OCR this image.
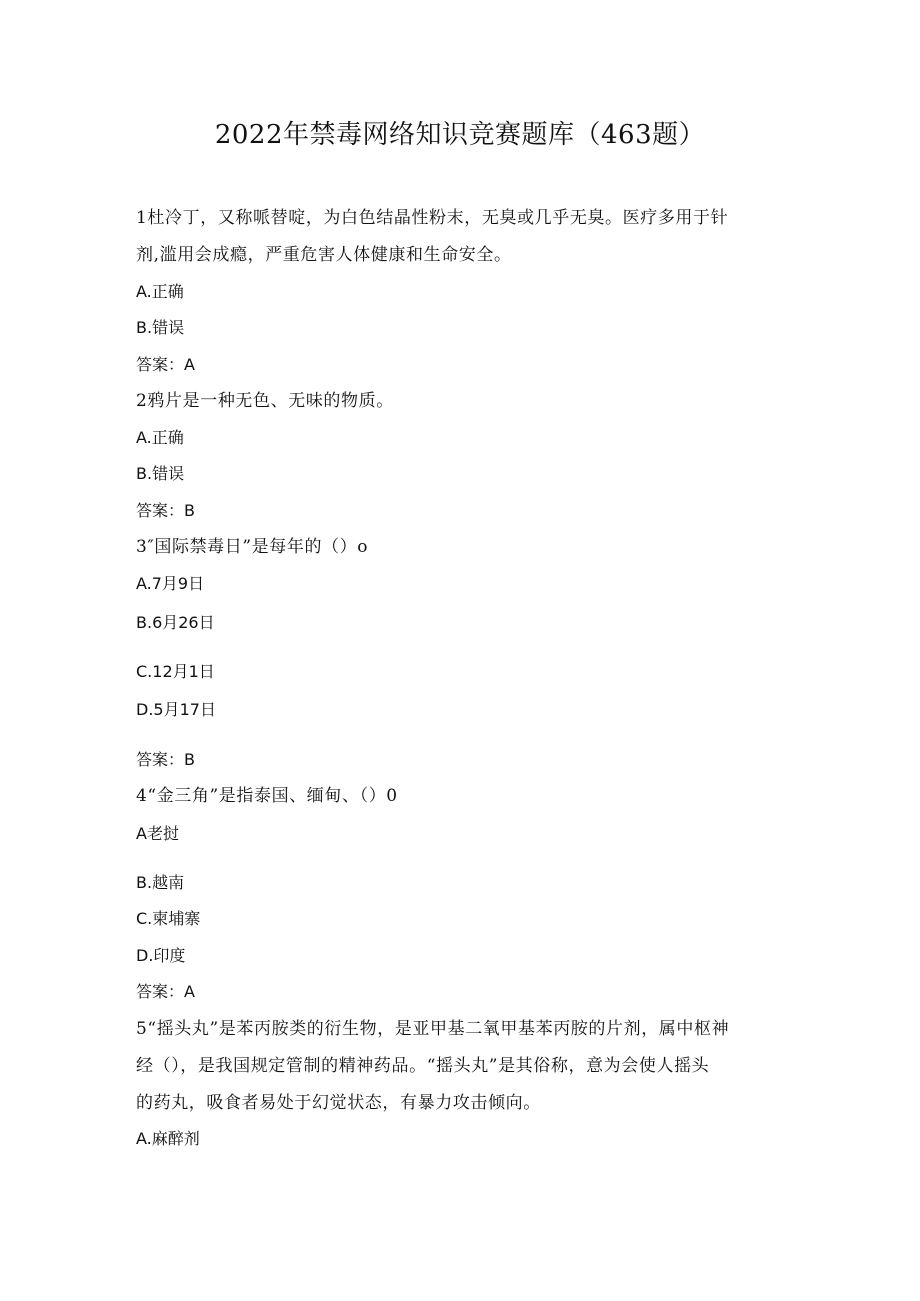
2022年禁毒网络知识竞赛题库（463题）
1杜冷丁，又称哌替啶，为白色结晶性粉末，无臭或几乎无臭。医疗多用于针
剂,滥用会成瘾，严重危害人体健康和生命安全。
A.正确
B.错误
答案：A
2鸦片是一种无色、无味的物质。
A.正确
B.错误
答案：B
3″国际禁毒日”是每年的（）o
A.7月9日
B.6月26日
C.12月1日
D.5月17日
答案：B
4“金三角”是指泰国、缅甸、（）0
A老挝
B.越南
C.柬埔寨
D.印度
答案：A
5“摇头丸”是苯丙胺类的衍生物，是亚甲基二氧甲基苯丙胺的片剂，属中枢神
经（），是我国规定管制的精神药品。“摇头丸”是其俗称，意为会使人摇头
的药丸，吸食者易处于幻觉状态，有暴力攻击倾向。
A.麻醉剂
